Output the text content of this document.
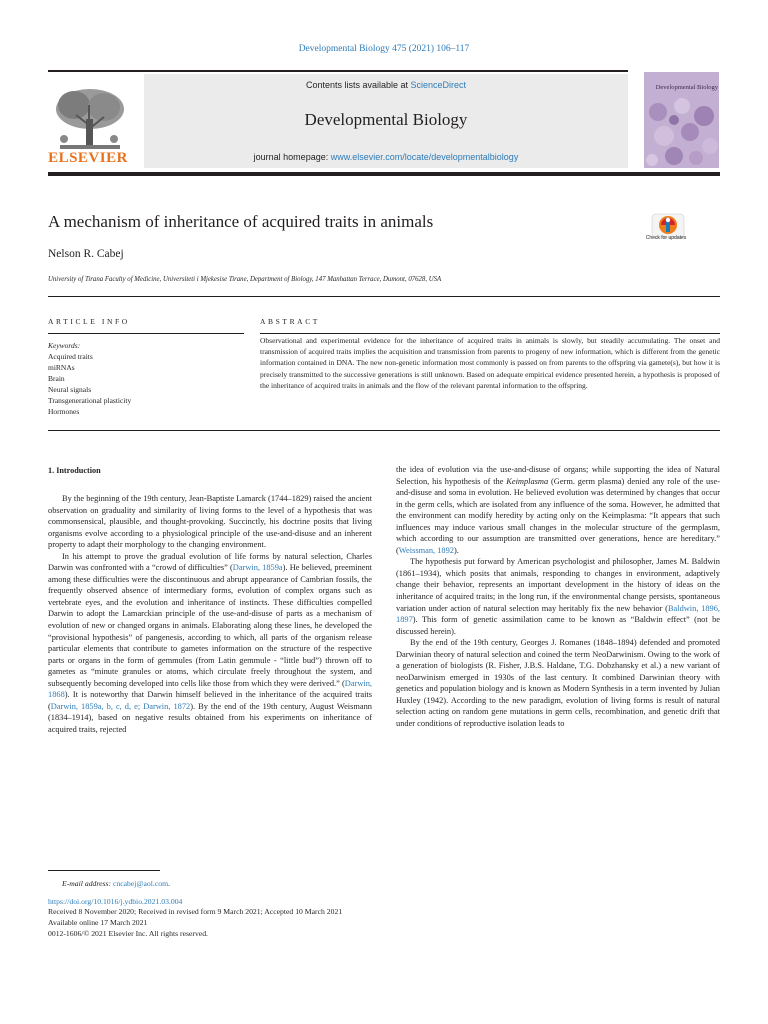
Developmental Biology 475 (2021) 106–117
ELSEVIER
Contents lists available at ScienceDirect
Developmental Biology
journal homepage: www.elsevier.com/locate/developmentalbiology
Developmental Biology
A mechanism of inheritance of acquired traits in animals
Nelson R. Cabej
University of Tirana Faculty of Medicine, Universiteti i Mjekesise Tirane, Department of Biology, 147 Manhattan Terrace, Dumont, 07628, USA
Check for updates
ARTICLE INFO
Keywords:
Acquired traits
miRNAs
Brain
Neural signals
Transgenerational plasticity
Hormones
ABSTRACT
Observational and experimental evidence for the inheritance of acquired traits in animals is slowly, but steadily accumulating. The onset and transmission of acquired traits implies the acquisition and transmission from parents to progeny of new information, which is different from the genetic information contained in DNA. The new non-genetic information most commonly is passed on from parents to the offspring via gamete(s), but how it is precisely transmitted to the successive generations is still unknown. Based on adequate empirical evidence presented herein, a hypothesis is proposed of the inheritance of acquired traits in animals and the flow of the relevant parental information to the offspring.
1. Introduction

By the beginning of the 19th century, Jean-Baptiste Lamarck (1744–1829) raised the ancient observation on graduality and similarity of living forms to the level of a hypothesis that was commonsensical, plausible, and thought-provoking. Succinctly, his doctrine posits that living organisms evolve according to a physiological principle of the use-and-disuse and an inherent property to adapt their morphology to the changing environment.

In his attempt to prove the gradual evolution of life forms by natural selection, Charles Darwin was confronted with a “crowd of difficulties” (Darwin, 1859a). He believed, preeminent among these difficulties were the discontinuous and abrupt appearance of Cambrian fossils, the frequently observed absence of intermediary forms, evolution of complex organs such as vertebrate eyes, and the evolution and inheritance of instincts. These difficulties compelled Darwin to adopt the Lamarckian principle of the use-and-disuse of parts as a mechanism of evolution of new or changed organs in animals. Elaborating along these lines, he developed the “provisional hypothesis” of pangenesis, according to which, all parts of the organism release particular elements that contribute to gametes information on the structure of the respective parts or organs in the form of gemmules (from Latin gemmule - “little bud”) thrown off to gametes as “minute granules or atoms, which circulate freely throughout the system, and subsequently becoming developed into cells like those from which they were derived.” (Darwin, 1868). It is noteworthy that Darwin himself believed in the inheritance of the acquired traits (Darwin, 1859a, b, c, d, e; Darwin, 1872). By the end of the 19th century, August Weismann (1834–1914), based on negative results obtained from his experiments on inheritance of acquired traits, rejected

the idea of evolution via the use-and-disuse of organs; while supporting the idea of Natural Selection, his hypothesis of the Keimplasma (Germ. germ plasma) denied any role of the use-and-disuse and soma in evolution. He believed evolution was determined by changes that occur in the germ cells, which are isolated from any influence of the soma. However, he admitted that the environment can modify heredity by acting only on the Keimplasma: “It appears that such influences may induce various small changes in the molecular structure of the germplasm, which according to our assumption are transmitted over generations, hence are hereditary.” (Weissman, 1892).

The hypothesis put forward by American psychologist and philosopher, James M. Baldwin (1861–1934), which posits that animals, responding to changes in environment, adaptively change their behavior, represents an important development in the history of ideas on the inheritance of acquired traits; in the long run, if the environmental change persists, spontaneous variation under action of natural selection may heritably fix the new behavior (Baldwin, 1896, 1897). This form of genetic assimilation came to be known as “Baldwin effect” (not be discussed herein).

By the end of the 19th century, Georges J. Romanes (1848–1894) defended and promoted Darwinian theory of natural selection and coined the term NeoDarwinism. Owing to the work of a generation of biologists (R. Fisher, J.B.S. Haldane, T.G. Dobzhansky et al.) a new variant of neoDarwinism emerged in 1930s of the last century. It combined Darwinian theory with genetics and population biology and is known as Modern Synthesis in a term invented by Julian Huxley (1942). According to the new paradigm, evolution of living forms is result of natural selection acting on random gene mutations in germ cells, recombination, and genetic drift that under conditions of reproductive isolation leads to

E-mail address: cncabej@aol.com.
https://doi.org/10.1016/j.ydbio.2021.03.004
Received 8 November 2020; Received in revised form 9 March 2021; Accepted 10 March 2021
Available online 17 March 2021
0012-1606/© 2021 Elsevier Inc. All rights reserved.
